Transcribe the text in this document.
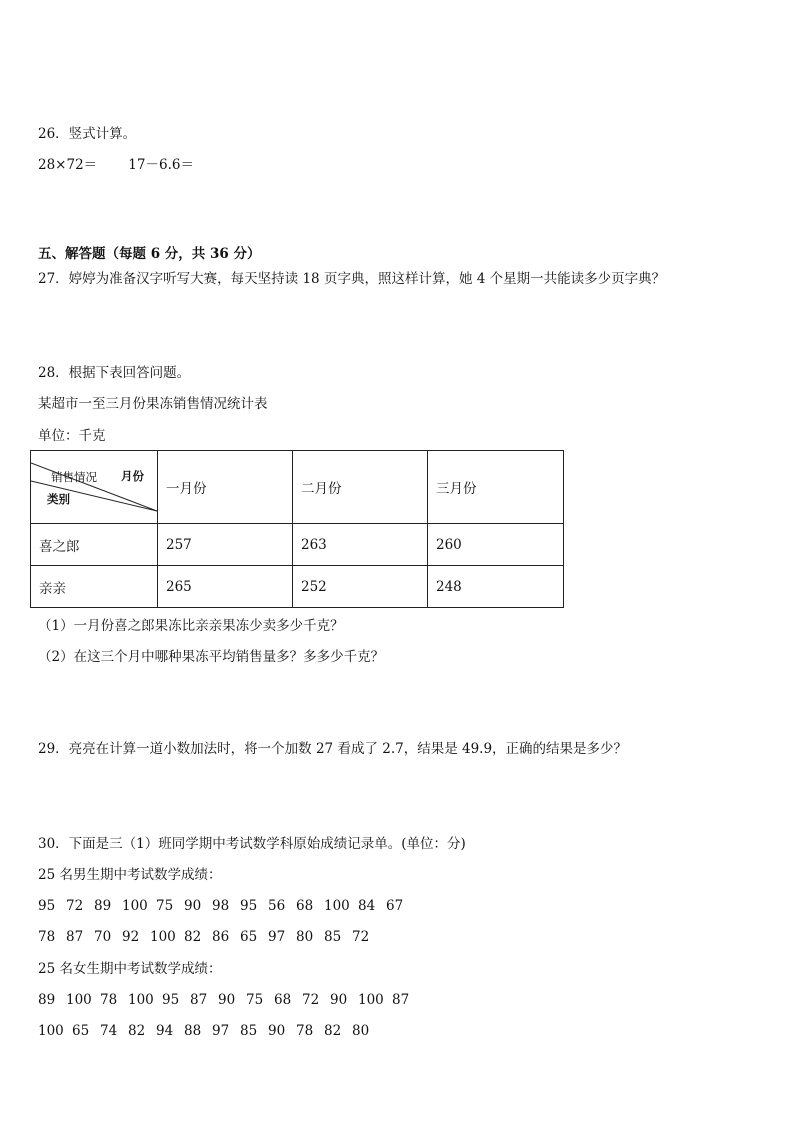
26．竖式计算。
28×72＝ 17－6.6＝
五、解答题（每题 6 分，共 36 分）
27．婷婷为准备汉字听写大赛，每天坚持读 18 页字典，照这样计算，她 4 个星期一共能读多少页字典？
28．根据下表回答问题。
某超市一至三月份果冻销售情况统计表
单位：千克
销售情况 月份
类别	一月份	二月份	三月份
喜之郎	257	263	260
亲亲	265	252	248
（1）一月份喜之郎果冻比亲亲果冻少卖多少千克？
（2）在这三个月中哪种果冻平均销售量多？多多少千克？
29．亮亮在计算一道小数加法时，将一个加数 27 看成了 2.7，结果是 49.9，正确的结果是多少？
30．下面是三（1）班同学期中考试数学科原始成绩记录单。(单位：分)
25 名男生期中考试数学成绩：
95 72 89 100 75 90 98 95 56 68 100 84 67
78 87 70 92 100 82 86 65 97 80 85 72
25 名女生期中考试数学成绩：
89 100 78 100 95 87 90 75 68 72 90 100 87
100 65 74 82 94 88 97 85 90 78 82 80
